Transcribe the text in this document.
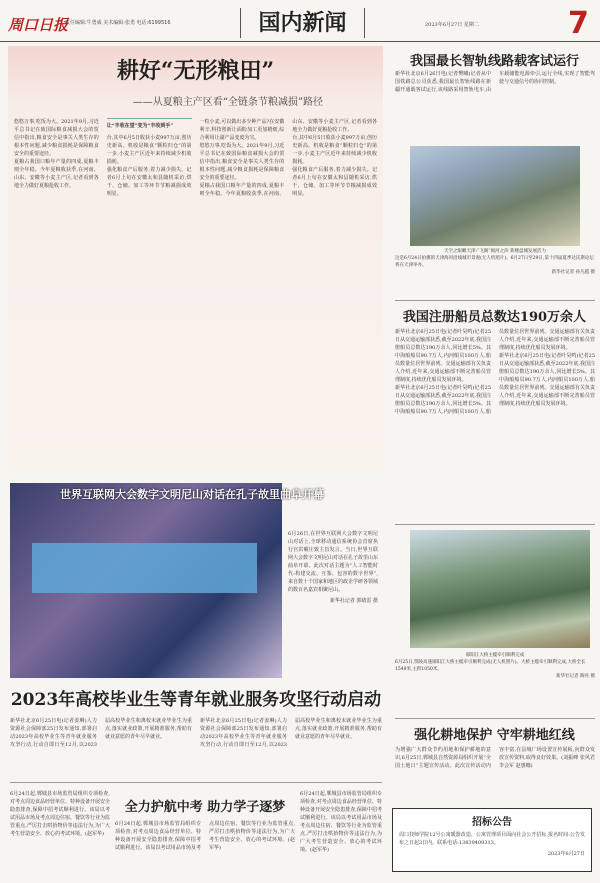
周口日报
责任编辑:牛勇威 美术编辑:张勇 电话:6199516	国内新闻	2023年6月27日 星期二	7
耕好“无形粮田”
——从夏粮主产区看“全链条节粮减损”路径

悠悠万事,吃饭为大。2021年9月,习近平总书记在致国际粮食减损大会的贺信中指出,粮食安全是事关人类生存的根本性问题,减少粮食损耗是保障粮食安全的重要途径。

夏粮占我国口粮年产量的四成,夏粮丰则全年稳。今年夏粮收获季,在河南、山东、安徽等小麦主产区,记者看到各地全力做好夏粮抢收工作。

让“丰收在望”变为“丰收到手”

台,其中6月5日收获小麦997万亩,创历史新高。机收是粮食“颗粒归仓”的第一步,小麦主产区近年来持续减少机收损耗。

强化粮食产后服务,着力减少损失。记者6月上旬在安徽太和县随机采访,烘干、仓储、加工等环节节粮减损成效明显。

一粒小麦,可以做出多少种产品?在安徽利辛,科技创新让面粉加工更加精细,综合利用让副产品变废为宝。

悠悠万事,吃饭为大。2021年9月,习近平总书记在致国际粮食减损大会的贺信中指出,粮食安全是事关人类生存的根本性问题,减少粮食损耗是保障粮食安全的重要途径。

夏粮占我国口粮年产量的四成,夏粮丰则全年稳。今年夏粮收获季,在河南、山东、安徽等小麦主产区,记者看到各地全力做好夏粮抢收工作。

台,其中6月5日收获小麦997万亩,创历史新高。机收是粮食“颗粒归仓”的第一步,小麦主产区近年来持续减少机收损耗。

强化粮食产后服务,着力减少损失。记者6月上旬在安徽太和县随机采访,烘干、仓储、加工等环节节粮减损成效明显。

世界互联网大会数字文明尼山对话在孔子故里曲阜开幕

6月26日,在世界互联网大会数字文明尼山对话上,全球移动通信系统协会首席执行官洪曜庄致主旨发言。当日,世界互联网大会数字文明尼山对话在孔子故里山东曲阜开幕。此次对话主题为“人工智能时代:构建交流、互鉴、包容的数字世界”,来自数十个国家和地区的政企学研各领域的数百名嘉宾相聚尼山。

新华社记者 郭绪雷 摄

2023年高校毕业生等青年就业服务攻坚行动启动

新华社北京6月25日电(记者姜琳)人力资源社会保障部25日发布通知,部署启动2023年高校毕业生等青年就业服务攻坚行动,行动自即日至12月,以2023届高校毕业生和离校未就业毕业生为重点,落实就业政策,开展精准服务,帮助有就业意愿的青年尽早就业。

新华社北京6月25日电(记者姜琳)人力资源社会保障部25日发布通知,部署启动2023年高校毕业生等青年就业服务攻坚行动,行动自即日至12月,以2023届高校毕业生和离校未就业毕业生为重点,落实就业政策,开展精准服务,帮助有就业意愿的青年尽早就业。

全力护航中考 助力学子逐梦

6月24日起,郸城县市场监管局组织专项检查,对考点周边食品经营单位、特种设备开展安全隐患排查,保障中招考试顺利进行。该局以考试用品市场及考点周边住宿、餐饮等行业为监管重点,严厉打击哄抬物价等违法行为,为广大考生营造安全、放心的考试环境。(赵军华)

6月24日起,郸城县市场监管局组织专项检查,对考点周边食品经营单位、特种设备开展安全隐患排查,保障中招考试顺利进行。该局以考试用品市场及考点周边住宿、餐饮等行业为监管重点,严厉打击哄抬物价等违法行为,为广大考生营造安全、放心的考试环境。(赵军华)

6月24日起,郸城县市场监管局组织专项检查,对考点周边食品经营单位、特种设备开展安全隐患排查,保障中招考试顺利进行。该局以考试用品市场及考点周边住宿、餐饮等行业为监管重点,严厉打击哄抬物价等违法行为,为广大考生营造安全、放心的考试环境。(赵军华)

我国最长智轨线路载客试运行

新华社北京6月26日电(记者樊曦)记者从中国铁路总公司获悉,我国最长智轨线路在新疆开通载客试运行,该线路采用智轨电车,由车载储能电源牵引,运行全线,实现了智能驾驶与交通信号的协同控制。

天空之眼瞰天津:“飞阁”揭河之滨 新楼盘城发展活力
这是6月24日拍摄的天津海河沿线城市景观(无人机照片)。6月27日至29日,第十四届夏季达沃斯论坛将在天津举办。
新华社记者 孙凡越 摄
我国注册船员总数达190万余人

新华社北京6月25日电(记者叶昊鸣)记者25日从交通运输部获悉,截至2022年底,我国注册船员总数达190万余人,同比增长5%。其中海船船员90.7万人,内河船员100万人,船员数量位居世界前列。交通运输部有关负责人介绍,近年来,交通运输部不断完善船员管理制度,持续优化船员发展环境。

新华社北京6月25日电(记者叶昊鸣)记者25日从交通运输部获悉,截至2022年底,我国注册船员总数达190万余人,同比增长5%。其中海船船员90.7万人,内河船员100万人,船员数量位居世界前列。交通运输部有关负责人介绍,近年来,交通运输部不断完善船员管理制度,持续优化船员发展环境。

新华社北京6月25日电(记者叶昊鸣)记者25日从交通运输部获悉,截至2022年底,我国注册船员总数达190万余人,同比增长5%。其中海船船员90.7万人,内河船员100万人,船员数量位居世界前列。交通运输部有关负责人介绍,近年来,交通运输部不断完善船员管理制度,持续优化船员发展环境。

郧阳江大桥主缆牵引顺利完成
6月25日,鄂陵高速郧阳江大桥主缆牵引顺利完成(无人机照片)。大桥主缆牵引顺利完成,大桥全长1549米,主跨1050米。
新华社记者 陶亮 摄
强化耕地保护 守牢耕地红线

为增强广大群众节约用地和保护耕地的意识,6月25日,郸城县自然资源局组织开展“全国土地日”主题宣传活动。此次宣传活动内容丰富,在县城广场设置宣传展板,向群众发放宣传资料,取得良好效果。(刘振峰 张风君 李会军 赵惠娜)

招标公告
周口技师学院12号公寓暖器改造、公寓管理项目面向社会公开招标,报名时间:公告发布之日起3日内。联系电话:13839409313。
2023年6月27日
